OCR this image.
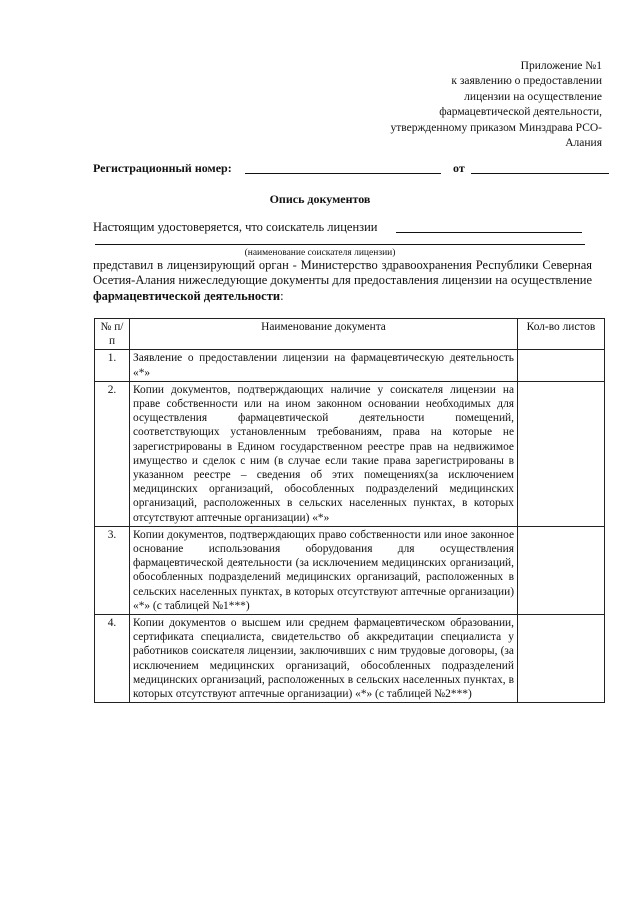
Приложение №1
к заявлению о предоставлении
лицензии на осуществление
фармацевтической деятельности,
утвержденному приказом Минздрава РСО-
Алания
Регистрационный номер:	от
Опись документов
Настоящим удостоверяется, что соискатель лицензии
(наименование соискателя лицензии)
представил в лицензирующий орган - Министерство здравоохранения Республики Северная Осетия-Алания нижеследующие документы для предоставления лицензии на осуществление фармацевтической деятельности:
№ п/п	Наименование документа	Кол-во листов
1.	Заявление о предоставлении лицензии на фармацевтическую деятельность «*»	
2.	Копии документов, подтверждающих наличие у соискателя лицензии на праве собственности или на ином законном основании необходимых для осуществления фармацевтической деятельности помещений, соответствующих установленным требованиям, права на которые не зарегистрированы в Едином государственном реестре прав на недвижимое имущество и сделок с ним (в случае если такие права зарегистрированы в указанном реестре – сведения об этих помещениях(за исключением медицинских организаций, обособленных подразделений медицинских организаций, расположенных в сельских населенных пунктах, в которых отсутствуют аптечные организации) «*»	
3.	Копии документов, подтверждающих право собственности или иное законное основание использования оборудования для осуществления фармацевтической деятельности (за исключением медицинских организаций, обособленных подразделений медицинских организаций, расположенных в сельских населенных пунктах, в которых отсутствуют аптечные организации) «*» (с таблицей №1***)	
4.	Копии документов о высшем или среднем фармацевтическом образовании, сертификата специалиста, свидетельство об аккредитации специалиста у работников соискателя лицензии, заключивших с ним трудовые договоры, (за исключением медицинских организаций, обособленных подразделений медицинских организаций, расположенных в сельских населенных пунктах, в которых отсутствуют аптечные организации) «*» (с таблицей №2***)	
